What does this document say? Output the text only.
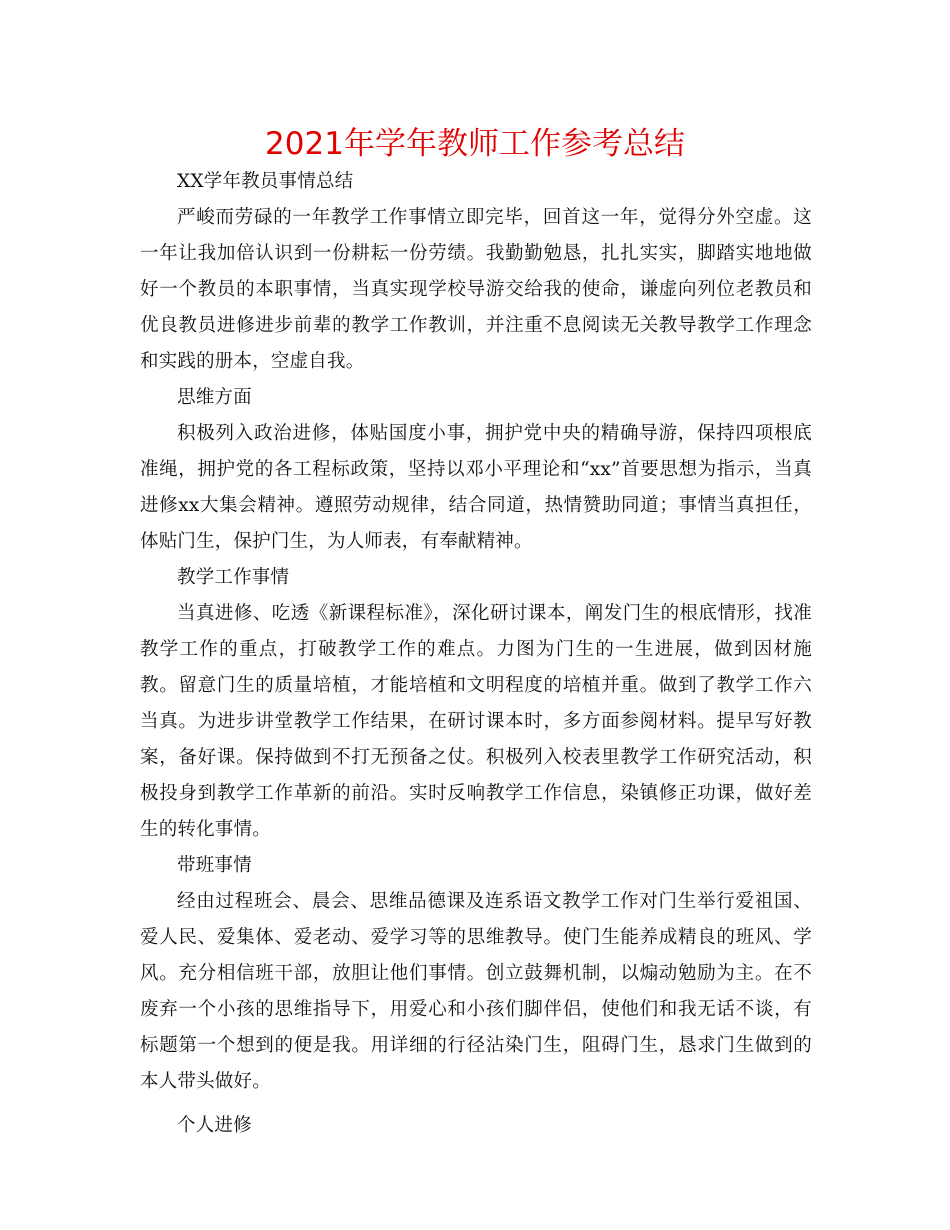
2021年学年教师工作参考总结

XX学年教员事情总结

严峻而劳碌的一年教学工作事情立即完毕，回首这一年，觉得分外空虚。这一年让我加倍认识到一份耕耘一份劳绩。我勤勤勉恳，扎扎实实，脚踏实地地做好一个教员的本职事情，当真实现学校导游交给我的使命，谦虚向列位老教员和优良教员进修进步前辈的教学工作教训，并注重不息阅读无关教导教学工作理念和实践的册本，空虚自我。

思维方面

积极列入政治进修，体贴国度小事，拥护党中央的精确导游，保持四项根底准绳，拥护党的各工程标政策，坚持以邓小平理论和“xx”首要思想为指示，当真进修xx大集会精神。遵照劳动规律，结合同道，热情赞助同道；事情当真担任，体贴门生，保护门生，为人师表，有奉献精神。

教学工作事情

当真进修、吃透《新课程标准》，深化研讨课本，阐发门生的根底情形，找准教学工作的重点，打破教学工作的难点。力图为门生的一生进展，做到因材施教。留意门生的质量培植，才能培植和文明程度的培植并重。做到了教学工作六当真。为进步讲堂教学工作结果，在研讨课本时，多方面参阅材料。提早写好教案，备好课。保持做到不打无预备之仗。积极列入校表里教学工作研究活动，积极投身到教学工作革新的前沿。实时反响教学工作信息，染镇修正功课，做好差生的转化事情。

带班事情

经由过程班会、晨会、思维品德课及连系语文教学工作对门生举行爱祖国、爱人民、爱集体、爱老动、爱学习等的思维教导。使门生能养成精良的班风、学风。充分相信班干部，放胆让他们事情。创立鼓舞机制，以煽动勉励为主。在不废弃一个小孩的思维指导下，用爱心和小孩们脚伴侣，使他们和我无话不谈，有标题第一个想到的便是我。用详细的行径沾染门生，阻碍门生，恳求门生做到的本人带头做好。

个人进修
